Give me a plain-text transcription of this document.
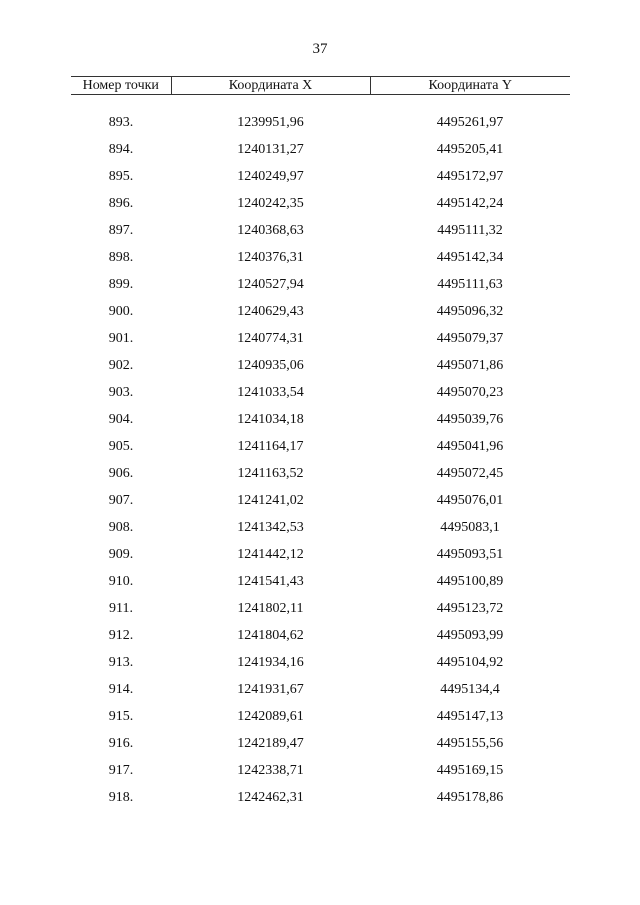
37
Номер точки	Координата X	Координата Y

893.	1239951,96	4495261,97
894.	1240131,27	4495205,41
895.	1240249,97	4495172,97
896.	1240242,35	4495142,24
897.	1240368,63	4495111,32
898.	1240376,31	4495142,34
899.	1240527,94	4495111,63
900.	1240629,43	4495096,32
901.	1240774,31	4495079,37
902.	1240935,06	4495071,86
903.	1241033,54	4495070,23
904.	1241034,18	4495039,76
905.	1241164,17	4495041,96
906.	1241163,52	4495072,45
907.	1241241,02	4495076,01
908.	1241342,53	4495083,1
909.	1241442,12	4495093,51
910.	1241541,43	4495100,89
911.	1241802,11	4495123,72
912.	1241804,62	4495093,99
913.	1241934,16	4495104,92
914.	1241931,67	4495134,4
915.	1242089,61	4495147,13
916.	1242189,47	4495155,56
917.	1242338,71	4495169,15
918.	1242462,31	4495178,86
